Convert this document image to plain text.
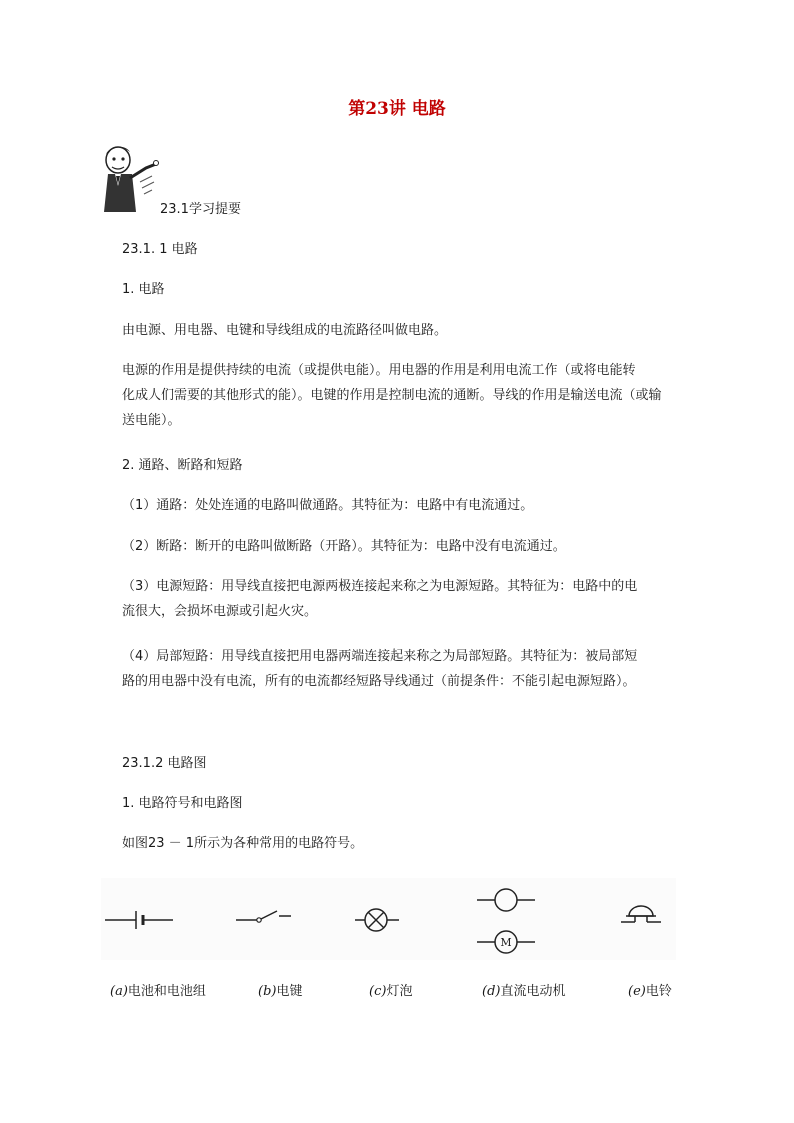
第23讲 电路
23.1学习提要
23.1. 1 电路
1. 电路
由电源、用电器、电键和导线组成的电流路径叫做电路。
电源的作用是提供持续的电流（或提供电能）。用电器的作用是利用电流工作（或将电能转
化成人们需要的其他形式的能）。电键的作用是控制电流的通断。导线的作用是输送电流（或输
送电能）。
2. 通路、断路和短路
（1）通路：处处连通的电路叫做通路。其特征为：电路中有电流通过。
（2）断路：断开的电路叫做断路（开路）。其特征为：电路中没有电流通过。
（3）电源短路：用导线直接把电源两极连接起来称之为电源短路。其特征为：电路中的电
流很大，会损坏电源或引起火灾。
（4）局部短路：用导线直接把用电器两端连接起来称之为局部短路。其特征为：被局部短
路的用电器中没有电流，所有的电流都经短路导线通过（前提条件：不能引起电源短路）。
23.1.2 电路图
1. 电路符号和电路图
如图23 － 1所示为各种常用的电路符号。
M
(a)电池和电池组	(b)电键	(c)灯泡	(d)直流电动机	(e)电铃
